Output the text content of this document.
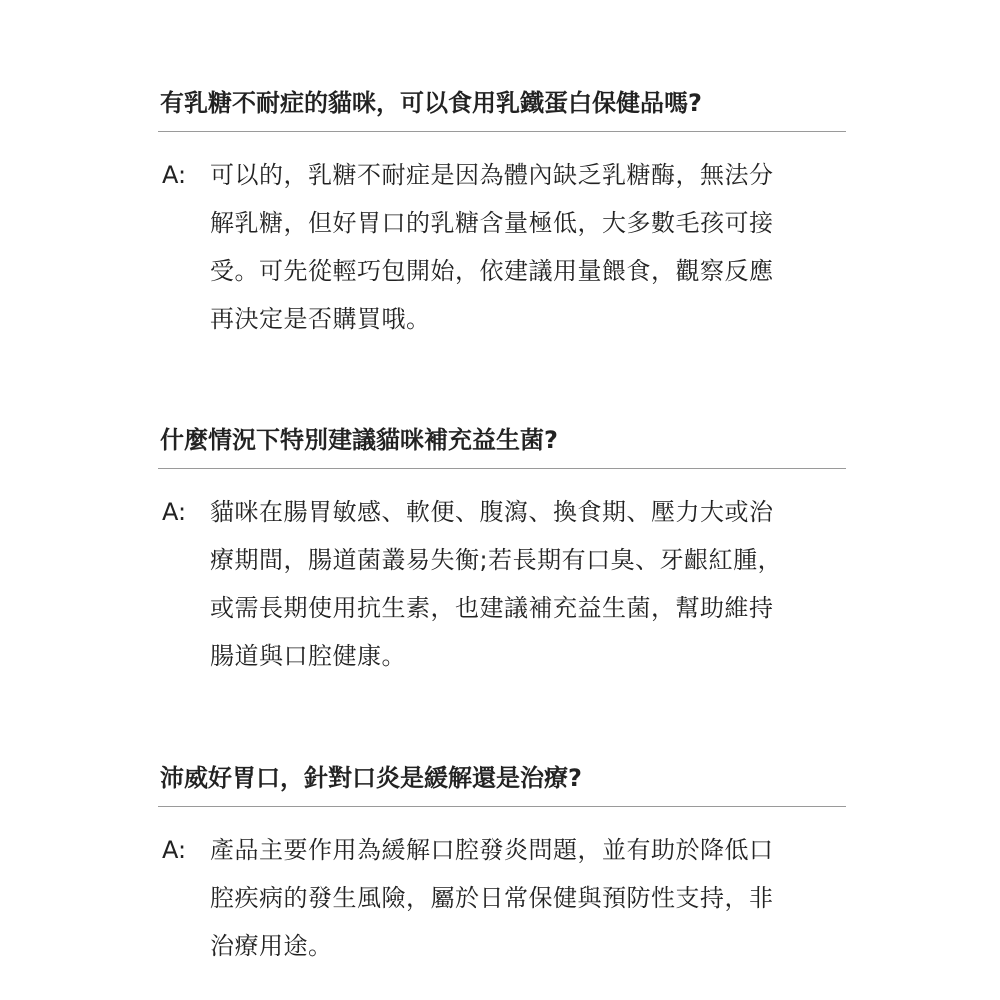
有乳糖不耐症的貓咪，可以食用乳鐵蛋白保健品嗎?
A: 可以的，乳糖不耐症是因為體內缺乏乳糖酶，無法分
解乳糖，但好胃口的乳糖含量極低，大多數毛孩可接
受。可先從輕巧包開始，依建議用量餵食，觀察反應
再決定是否購買哦。
什麼情況下特別建議貓咪補充益生菌?
A: 貓咪在腸胃敏感、軟便、腹瀉、換食期、壓力大或治
療期間，腸道菌叢易失衡;若長期有口臭、牙齦紅腫，
或需長期使用抗生素，也建議補充益生菌，幫助維持
腸道與口腔健康。
沛威好胃口，針對口炎是緩解還是治療?
A: 產品主要作用為緩解口腔發炎問題，並有助於降低口
腔疾病的發生風險，屬於日常保健與預防性支持，非
治療用途。
